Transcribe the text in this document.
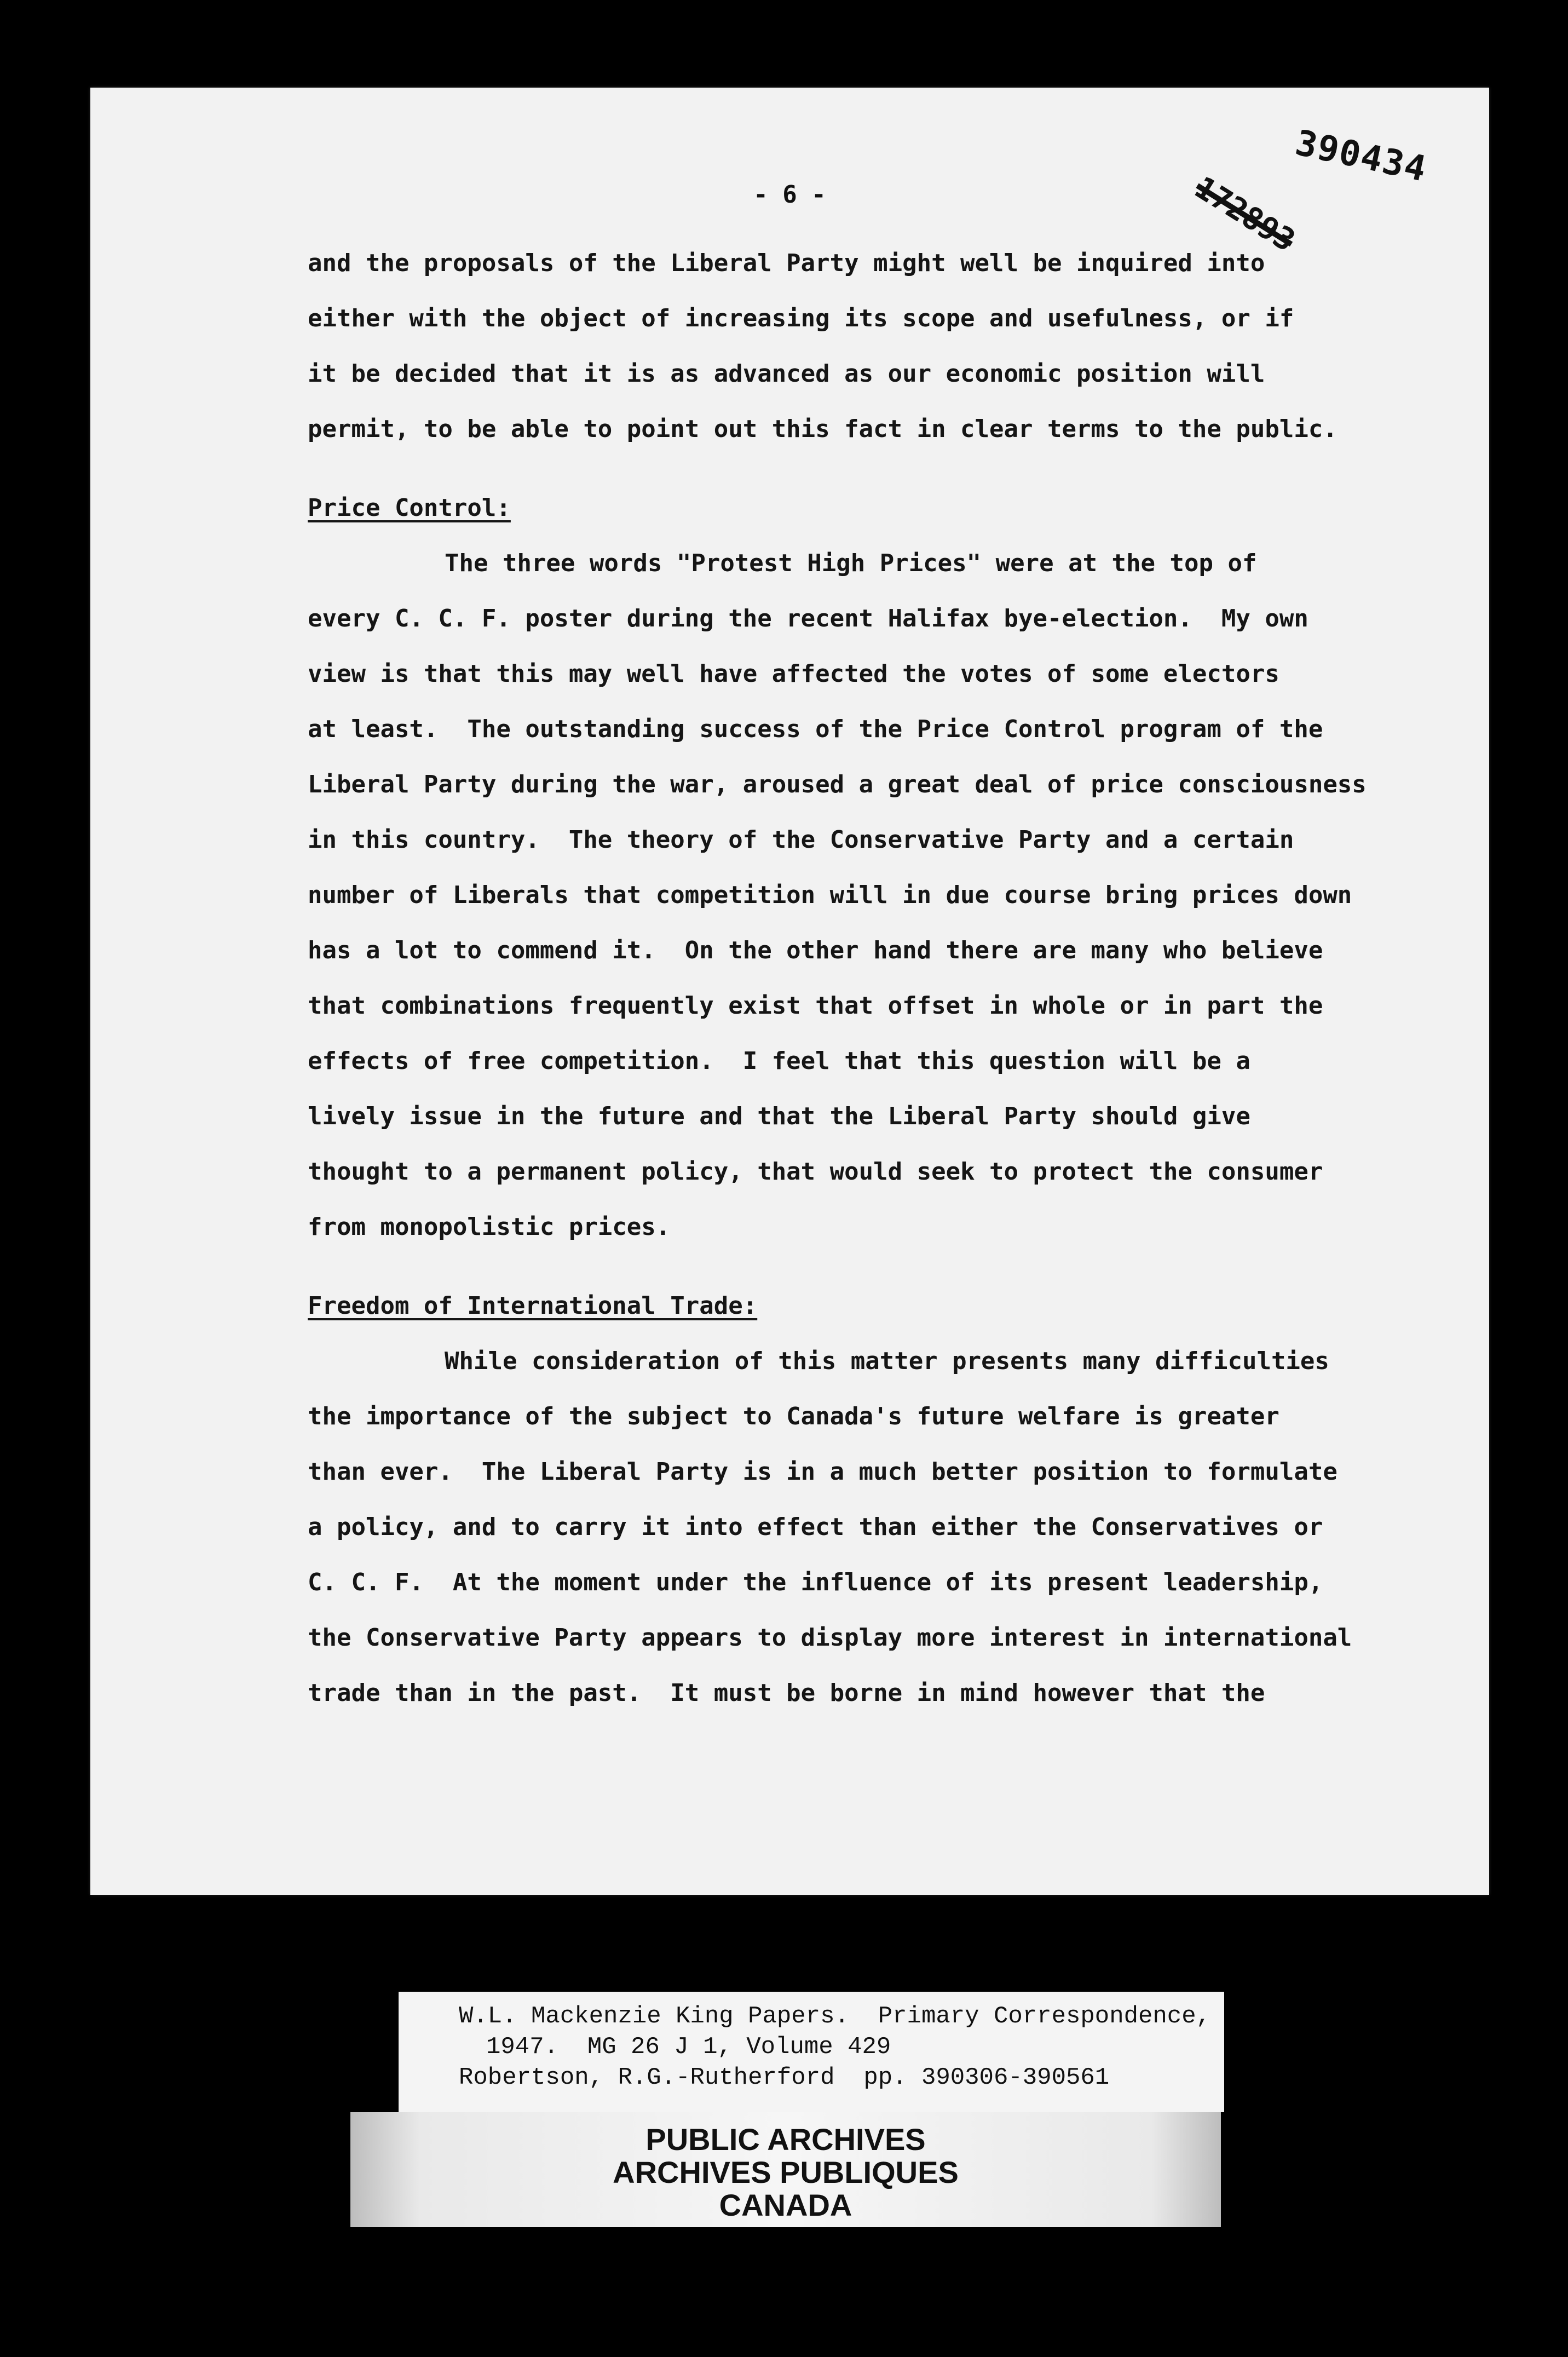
390434
172893
- 6 -
and the proposals of the Liberal Party might well be inquired into
either with the object of increasing its scope and usefulness, or if
it be decided that it is as advanced as our economic position will
permit, to be able to point out this fact in clear terms to the public.
Price Control:
The three words "Protest High Prices" were at the top of
every C. C. F. poster during the recent Halifax bye-election.  My own
view is that this may well have affected the votes of some electors
at least.  The outstanding success of the Price Control program of the
Liberal Party during the war, aroused a great deal of price consciousness
in this country.  The theory of the Conservative Party and a certain
number of Liberals that competition will in due course bring prices down
has a lot to commend it.  On the other hand there are many who believe
that combinations frequently exist that offset in whole or in part the
effects of free competition.  I feel that this question will be a
lively issue in the future and that the Liberal Party should give
thought to a permanent policy, that would seek to protect the consumer
from monopolistic prices.
Freedom of International Trade:
While consideration of this matter presents many difficulties
the importance of the subject to Canada's future welfare is greater
than ever.  The Liberal Party is in a much better position to formulate
a policy, and to carry it into effect than either the Conservatives or
C. C. F.  At the moment under the influence of its present leadership,
the Conservative Party appears to display more interest in international
trade than in the past.  It must be borne in mind however that the
W.L. Mackenzie King Papers.  Primary Correspondence,
1947.  MG 26 J 1, Volume 429
Robertson, R.G.-Rutherford  pp. 390306-390561
PUBLIC ARCHIVES
ARCHIVES PUBLIQUES
CANADA
